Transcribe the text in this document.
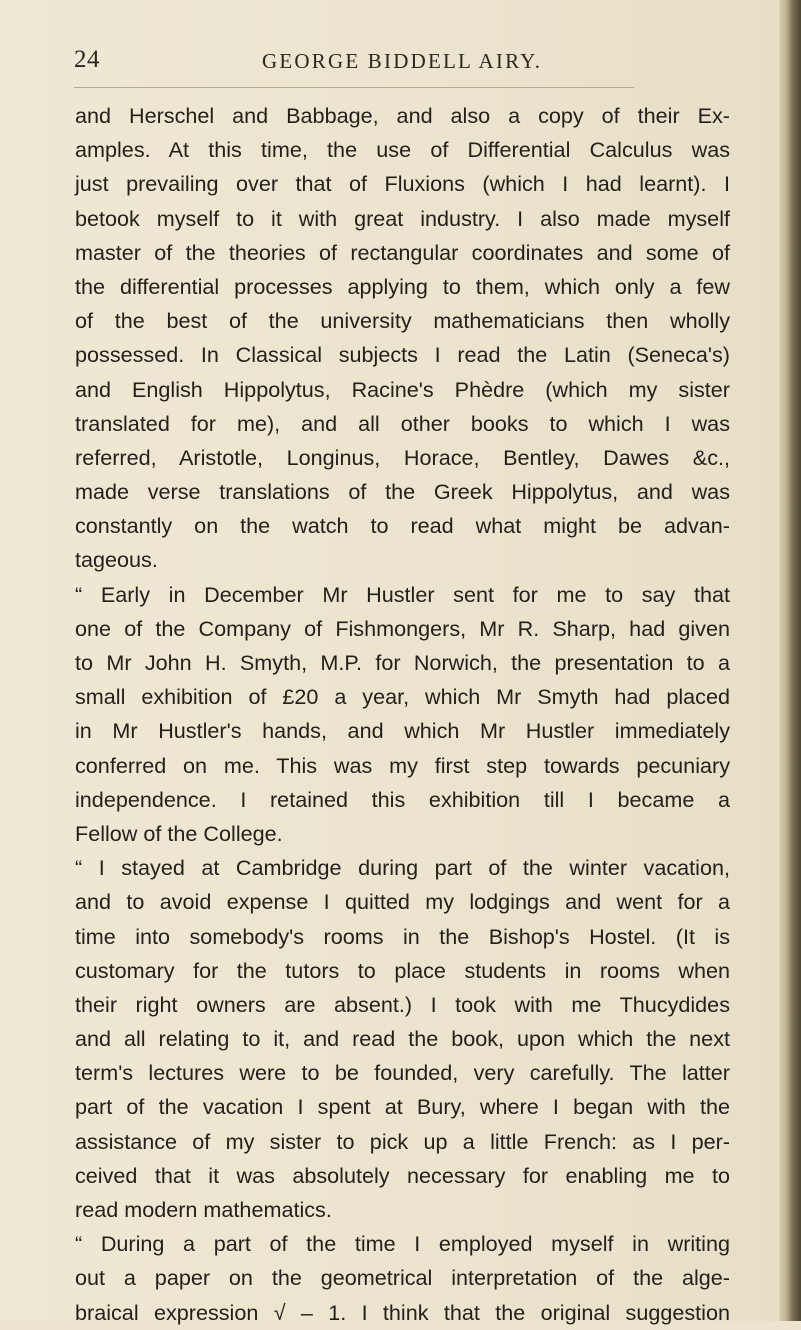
24	GEORGE BIDDELL AIRY.
and Herschel and Babbage, and also a copy of their Ex-
amples. At this time, the use of Differential Calculus was
just prevailing over that of Fluxions (which I had learnt). I
betook myself to it with great industry. I also made myself
master of the theories of rectangular coordinates and some of
the differential processes applying to them, which only a few
of the best of the university mathematicians then wholly
possessed. In Classical subjects I read the Latin (Seneca's)
and English Hippolytus, Racine's Phèdre (which my sister
translated for me), and all other books to which I was
referred, Aristotle, Longinus, Horace, Bentley, Dawes &c.,
made verse translations of the Greek Hippolytus, and was
constantly on the watch to read what might be advan-
tageous.
“ Early in December Mr Hustler sent for me to say that
one of the Company of Fishmongers, Mr R. Sharp, had given
to Mr John H. Smyth, M.P. for Norwich, the presentation to a
small exhibition of £20 a year, which Mr Smyth had placed
in Mr Hustler's hands, and which Mr Hustler immediately
conferred on me. This was my first step towards pecuniary
independence. I retained this exhibition till I became a
Fellow of the College.
“ I stayed at Cambridge during part of the winter vacation,
and to avoid expense I quitted my lodgings and went for a
time into somebody's rooms in the Bishop's Hostel. (It is
customary for the tutors to place students in rooms when
their right owners are absent.) I took with me Thucydides
and all relating to it, and read the book, upon which the next
term's lectures were to be founded, very carefully. The latter
part of the vacation I spent at Bury, where I began with the
assistance of my sister to pick up a little French: as I per-
ceived that it was absolutely necessary for enabling me to
read modern mathematics.
“ During a part of the time I employed myself in writing
out a paper on the geometrical interpretation of the alge-
braical expression √ – 1. I think that the original suggestion
